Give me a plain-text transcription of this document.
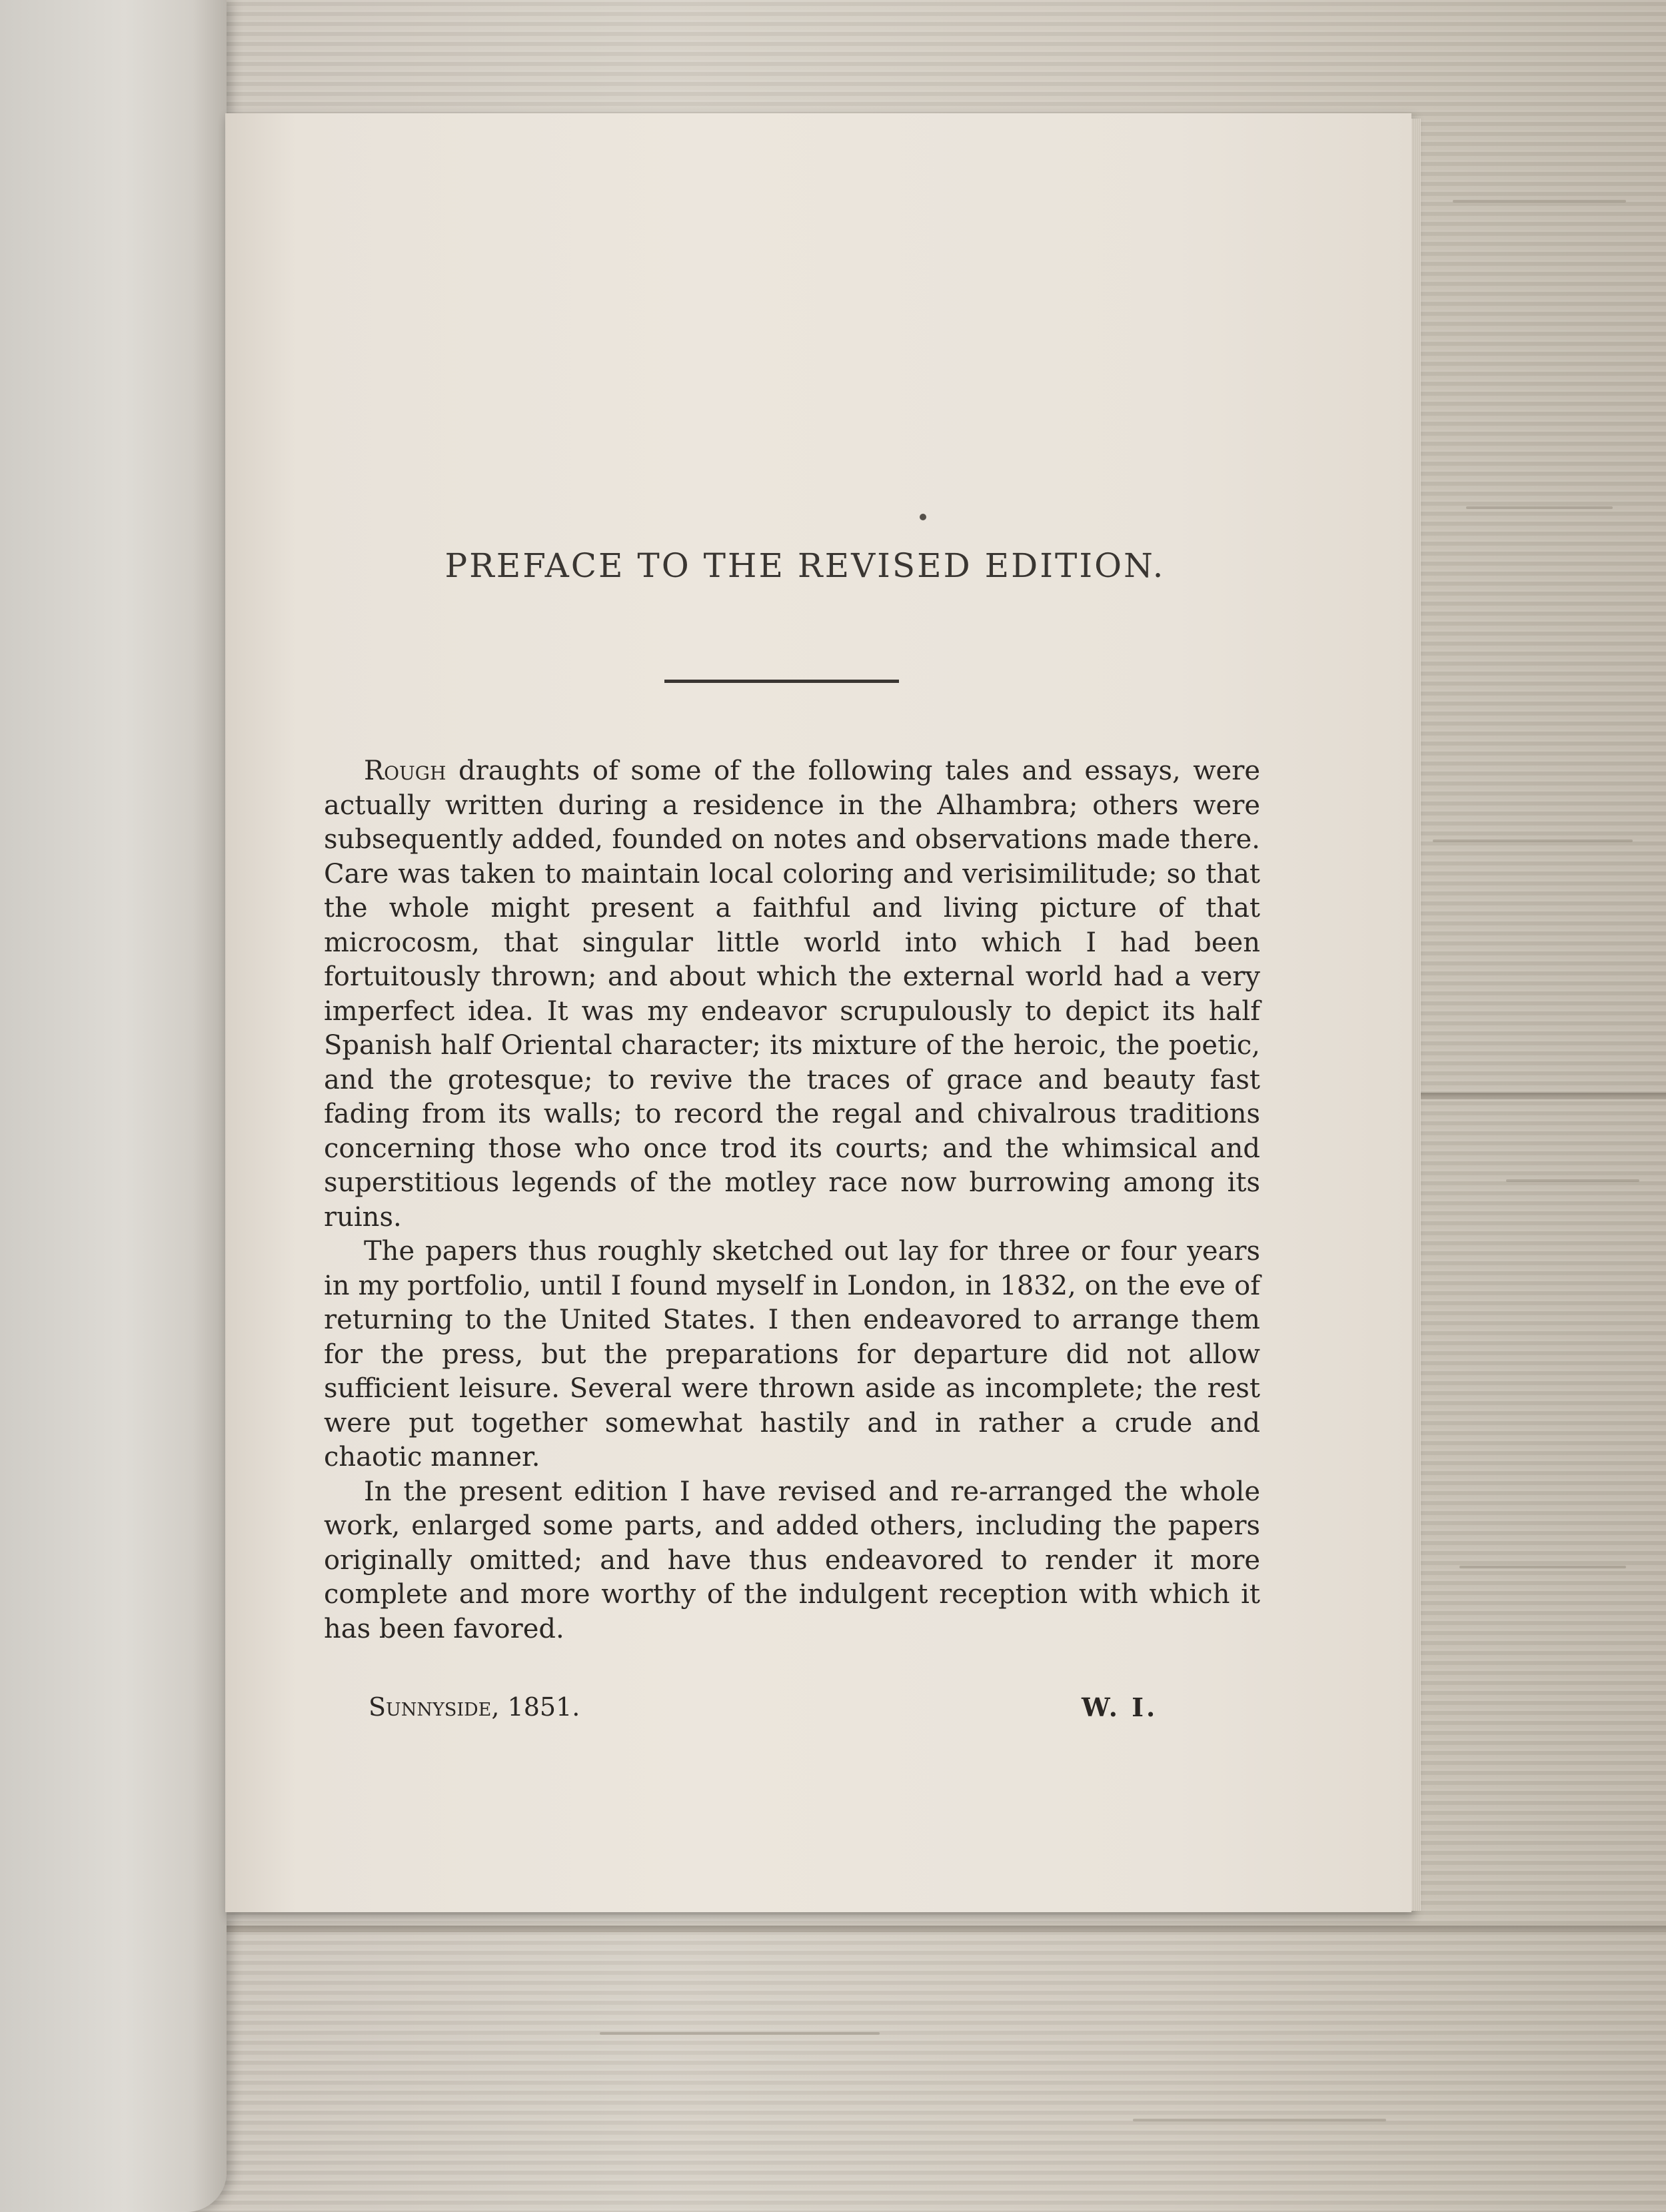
PREFACE TO THE REVISED EDITION.

Rough draughts of some of the following tales and essays, were actually written during a residence in the Alhambra; others were subsequently added, founded on notes and observations made there. Care was taken to maintain local coloring and verisimilitude; so that the whole might present a faithful and living picture of that microcosm, that singular little world into which I had been fortuitously thrown; and about which the external world had a very imperfect idea. It was my endeavor scrupulously to depict its half Spanish half Oriental character; its mixture of the heroic, the poetic, and the grotesque; to revive the traces of grace and beauty fast fading from its walls; to record the regal and chivalrous traditions concerning those who once trod its courts; and the whimsical and superstitious legends of the motley race now burrowing among its ruins.

The papers thus roughly sketched out lay for three or four years in my portfolio, until I found myself in London, in 1832, on the eve of returning to the United States. I then endeavored to arrange them for the press, but the preparations for departure did not allow sufficient leisure. Several were thrown aside as incomplete; the rest were put together somewhat hastily and in rather a crude and chaotic manner.

In the present edition I have revised and re-arranged the whole work, enlarged some parts, and added others, including the papers originally omitted; and have thus endeavored to render it more complete and more worthy of the indulgent reception with which it has been favored.

Sunnyside, 1851.	W. I.
